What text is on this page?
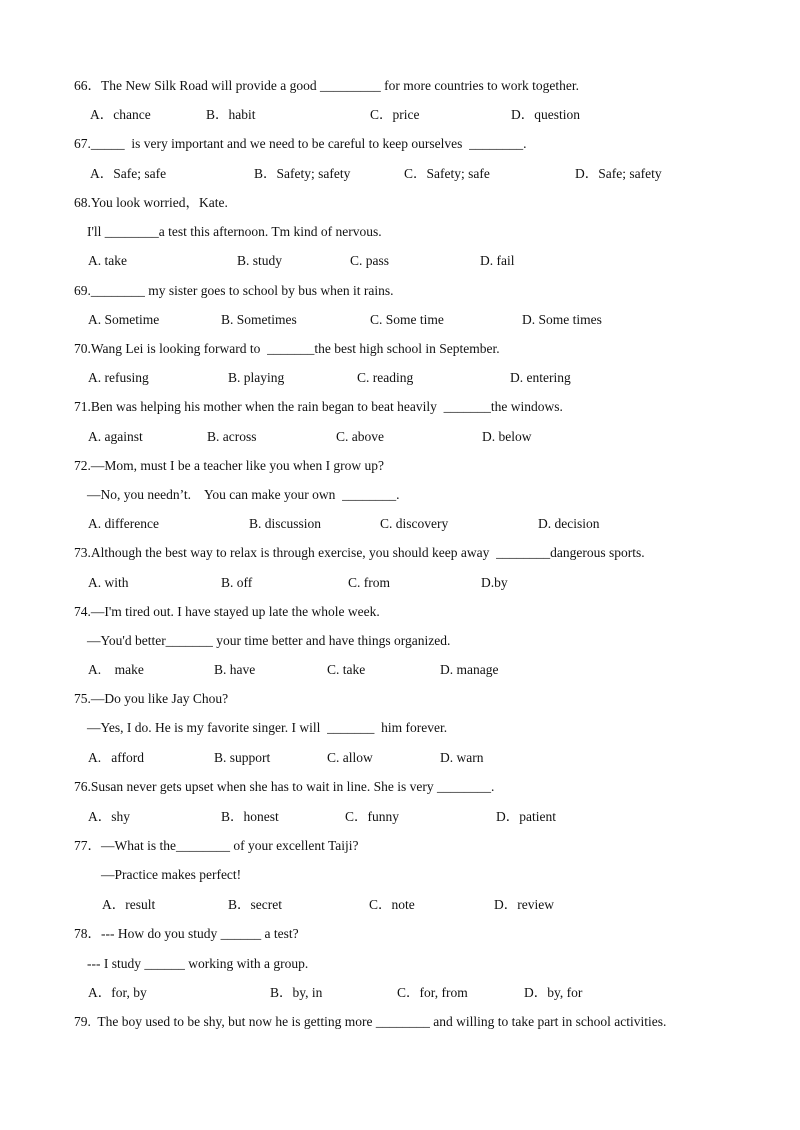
66．The New Silk Road will provide a good _________ for more countries to work together.
A．chance	B．habit	C．price	D．question
67._____  is very important and we need to be careful to keep ourselves  ________.
A．Safe; safe	B．Safety; safety	C．Safety; safe	D．Safe; safety
68.You look worried，Kate.
I'll ________a test this afternoon. Tm kind of nervous.
A. take	B. study	C. pass	D. fail
69.________ my sister goes to school by bus when it rains.
A. Sometime	B. Sometimes	C. Some time	D. Some times
70.Wang Lei is looking forward to  _______the best high school in September.
A. refusing	B. playing	C. reading	D. entering
71.Ben was helping his mother when the rain began to beat heavily  _______the windows.
A. against	B. across	C. above	D. below
72.—Mom, must I be a teacher like you when I grow up?
—No, you needn’t.    You can make your own  ________.
A. difference	B. discussion	C. discovery	D. decision
73.Although the best way to relax is through exercise, you should keep away  ________dangerous sports.
A. with	B. off	C. from	D.by
74.—I'm tired out. I have stayed up late the whole week.
—You'd better_______ your time better and have things organized.
A.    make	B. have	C. take	D. manage
75.—Do you like Jay Chou?
—Yes, I do. He is my favorite singer. I will  _______  him forever.
A.   afford	B. support	C. allow	D. warn
76.Susan never gets upset when she has to wait in line. She is very ________.
A．shy	B．honest	C．funny	D．patient
77．—What is the________ of your excellent Taiji?
—Practice makes perfect!
A．result	B．secret	C．note	D．review
78．--- How do you study ______ a test?
--- I study ______ working with a group.
A．for, by	B．by, in	C．for, from	D．by, for
79.  The boy used to be shy, but now he is getting more ________ and willing to take part in school activities.
